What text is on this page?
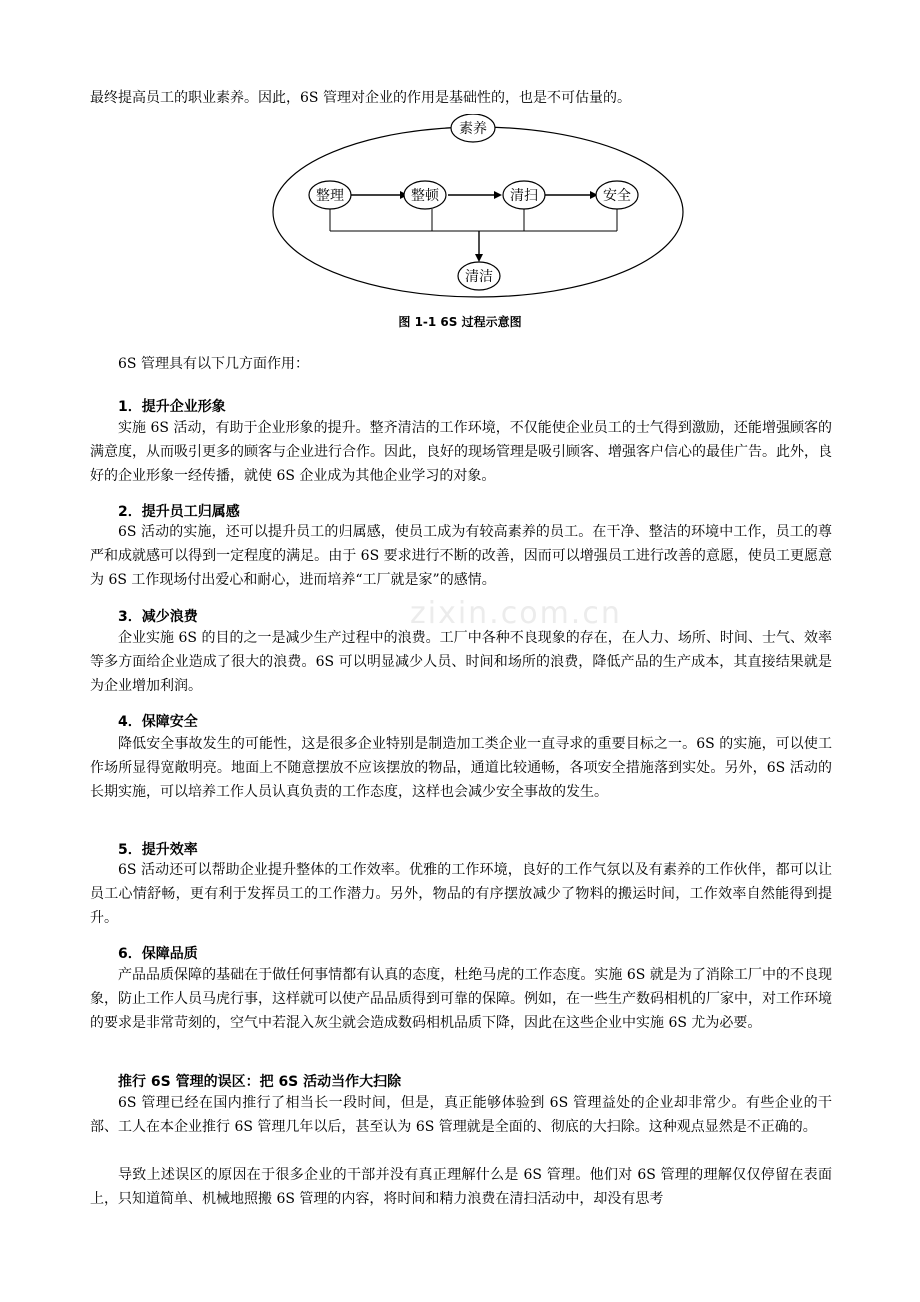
最终提高员工的职业素养。因此，6S 管理对企业的作用是基础性的，也是不可估量的。

素养
整理	整顿	清扫	安全
清洁
图 1-1 6S 过程示意图

6S 管理具有以下几方面作用：

1．提升企业形象

实施 6S 活动，有助于企业形象的提升。整齐清洁的工作环境，不仅能使企业员工的士气得到激励，还能增强顾客的满意度，从而吸引更多的顾客与企业进行合作。因此，良好的现场管理是吸引顾客、增强客户信心的最佳广告。此外，良好的企业形象一经传播，就使 6S 企业成为其他企业学习的对象。

2．提升员工归属感

6S 活动的实施，还可以提升员工的归属感，使员工成为有较高素养的员工。在干净、整洁的环境中工作，员工的尊严和成就感可以得到一定程度的满足。由于 6S 要求进行不断的改善，因而可以增强员工进行改善的意愿，使员工更愿意为 6S 工作现场付出爱心和耐心，进而培养“工厂就是家”的感情。

zixin.com.cn

3．减少浪费

企业实施 6S 的目的之一是减少生产过程中的浪费。工厂中各种不良现象的存在，在人力、场所、时间、士气、效率等多方面给企业造成了很大的浪费。6S 可以明显减少人员、时间和场所的浪费，降低产品的生产成本，其直接结果就是为企业增加利润。

4．保障安全

降低安全事故发生的可能性，这是很多企业特别是制造加工类企业一直寻求的重要目标之一。6S 的实施，可以使工作场所显得宽敞明亮。地面上不随意摆放不应该摆放的物品，通道比较通畅，各项安全措施落到实处。另外，6S 活动的长期实施，可以培养工作人员认真负责的工作态度，这样也会减少安全事故的发生。

5．提升效率

6S 活动还可以帮助企业提升整体的工作效率。优雅的工作环境，良好的工作气氛以及有素养的工作伙伴，都可以让员工心情舒畅，更有利于发挥员工的工作潜力。另外，物品的有序摆放减少了物料的搬运时间，工作效率自然能得到提升。

6．保障品质

产品品质保障的基础在于做任何事情都有认真的态度，杜绝马虎的工作态度。实施 6S 就是为了消除工厂中的不良现象，防止工作人员马虎行事，这样就可以使产品品质得到可靠的保障。例如，在一些生产数码相机的厂家中，对工作环境的要求是非常苛刻的，空气中若混入灰尘就会造成数码相机品质下降，因此在这些企业中实施 6S 尤为必要。

推行 6S 管理的误区：把 6S 活动当作大扫除

6S 管理已经在国内推行了相当长一段时间，但是，真正能够体验到 6S 管理益处的企业却非常少。有些企业的干部、工人在本企业推行 6S 管理几年以后，甚至认为 6S 管理就是全面的、彻底的大扫除。这种观点显然是不正确的。

导致上述误区的原因在于很多企业的干部并没有真正理解什么是 6S 管理。他们对 6S 管理的理解仅仅停留在表面上，只知道简单、机械地照搬 6S 管理的内容，将时间和精力浪费在清扫活动中，却没有思考
